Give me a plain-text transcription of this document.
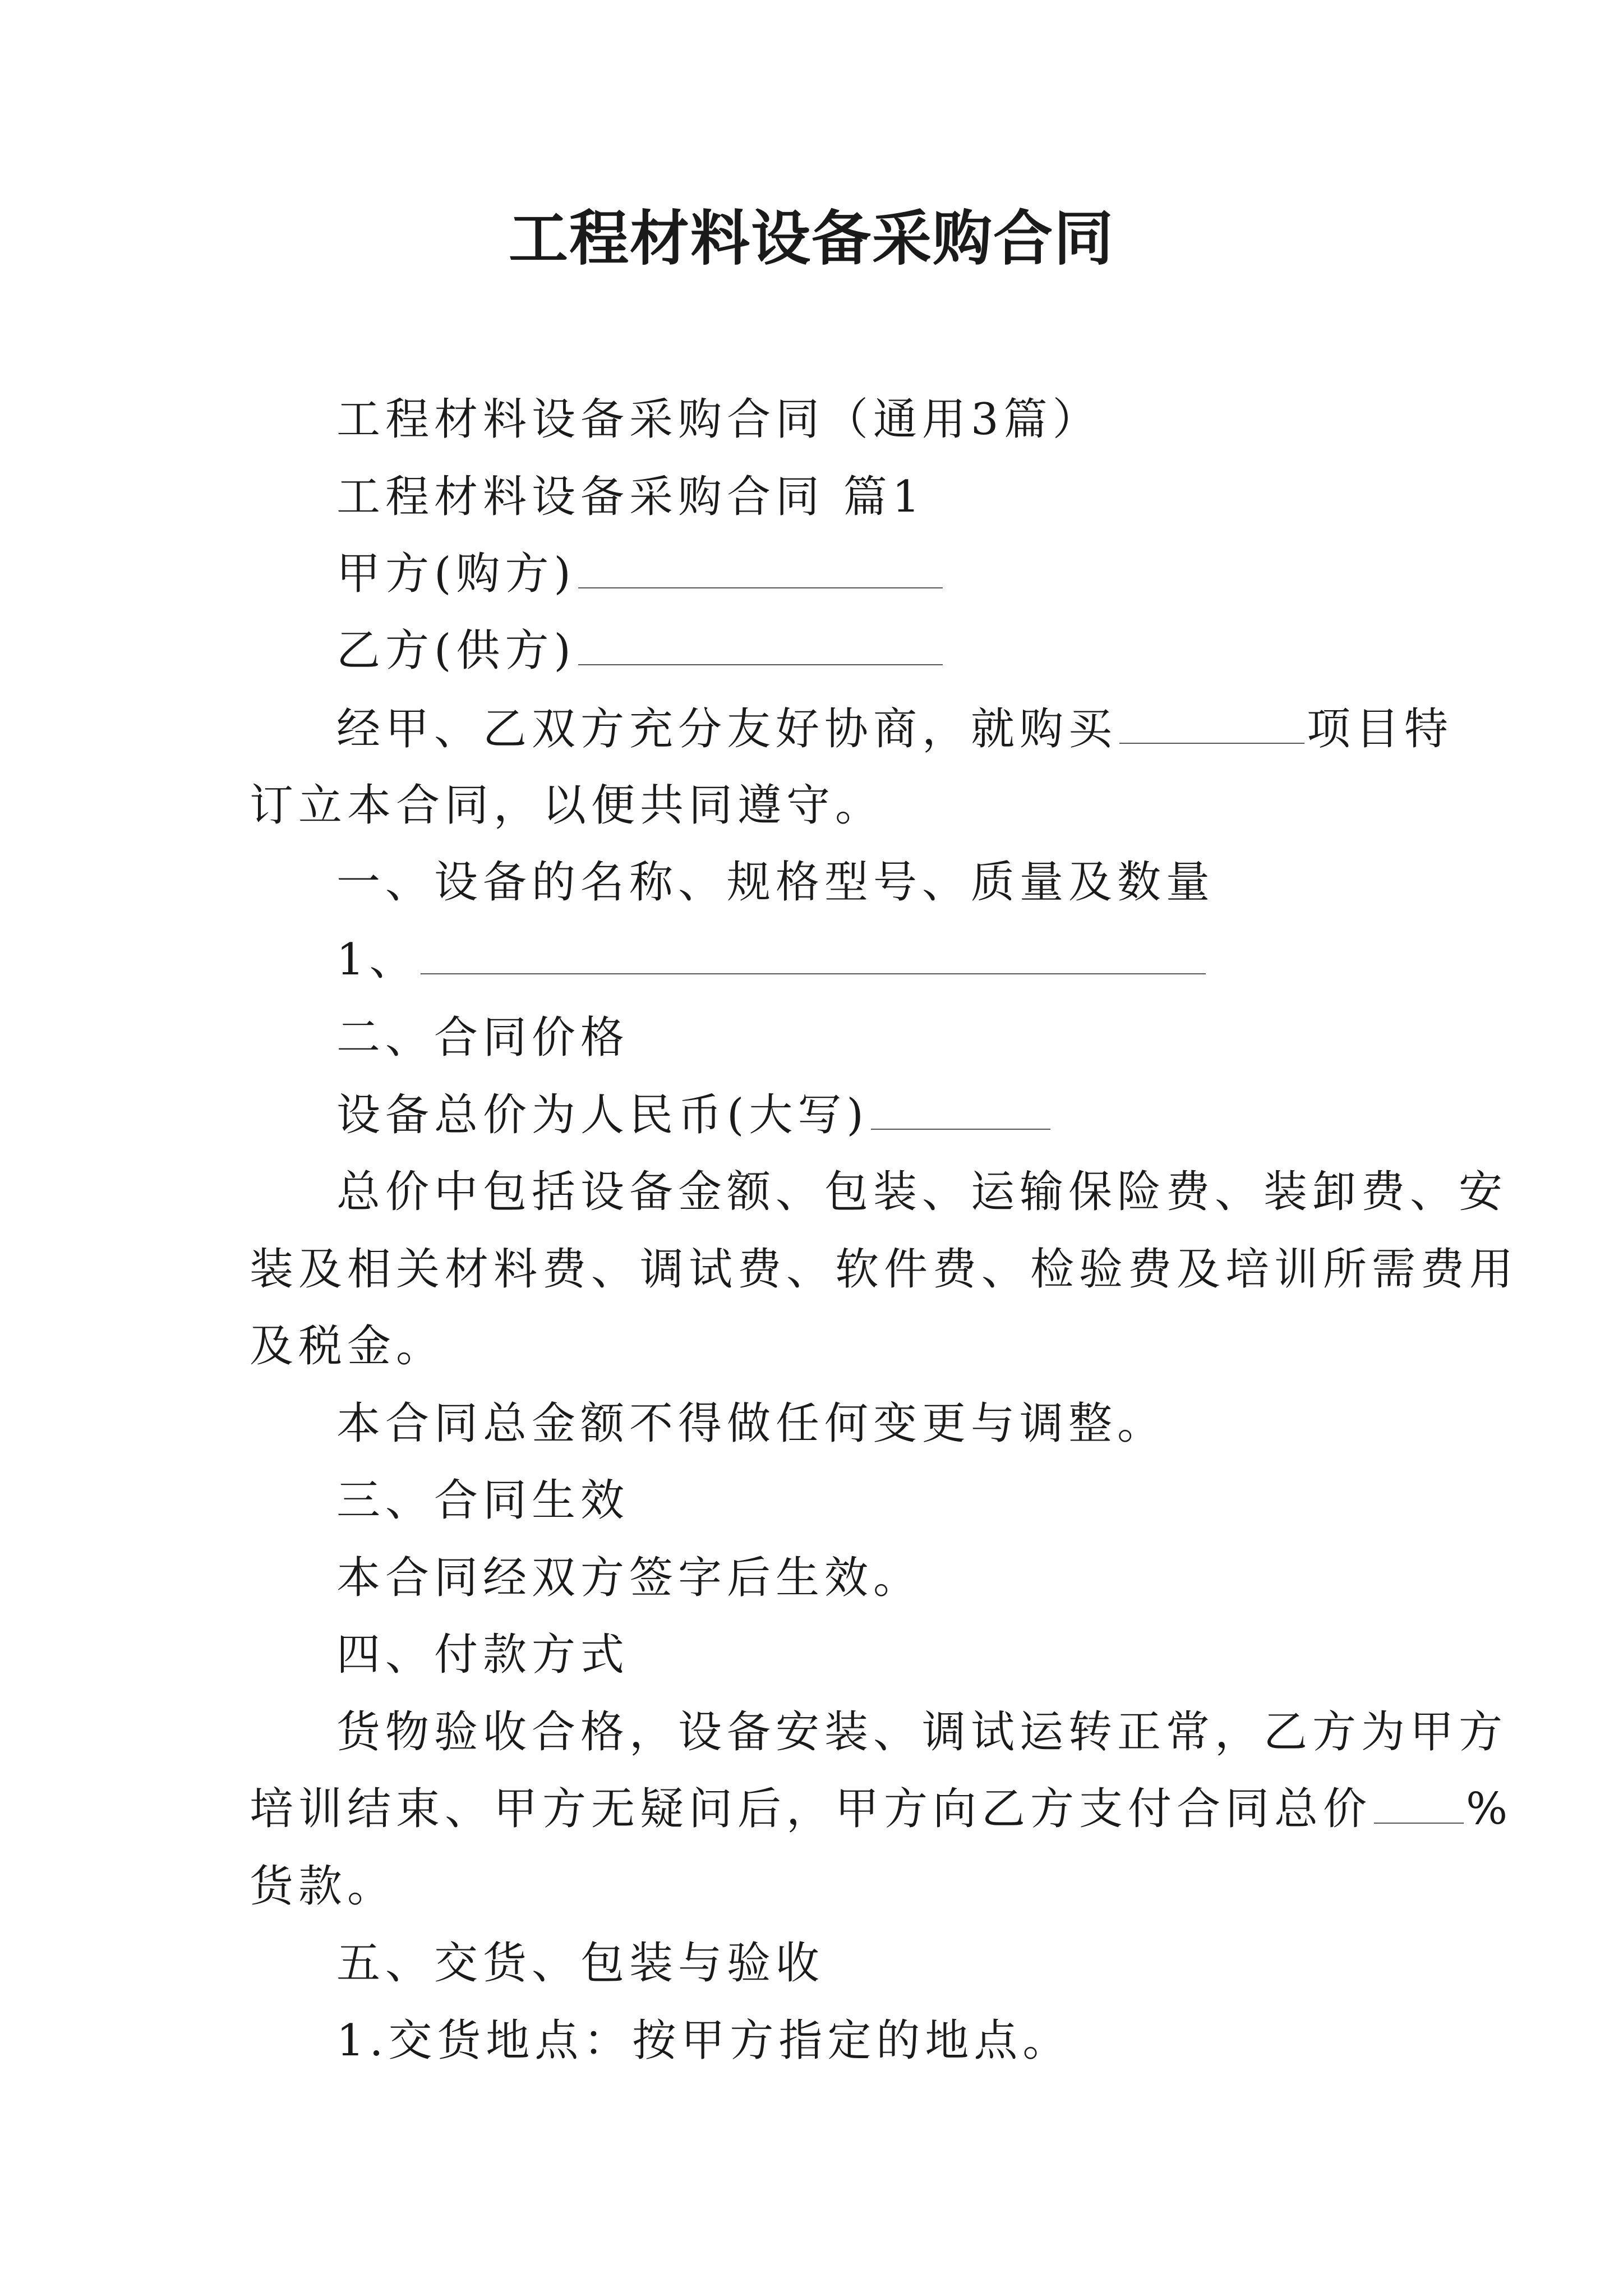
工程材料设备采购合同
工程材料设备采购合同（通用3篇）
工程材料设备采购合同 篇1
甲方(购方)
乙方(供方)
经甲、乙双方充分友好协商，就购买	项目特
订立本合同，以便共同遵守。
一、设备的名称、规格型号、质量及数量
1、
二、合同价格
设备总价为人民币(大写)
总价中包括设备金额、包装、运输保险费、装卸费、安
装及相关材料费、调试费、软件费、检验费及培训所需费用
及税金。
本合同总金额不得做任何变更与调整。
三、合同生效
本合同经双方签字后生效。
四、付款方式
货物验收合格，设备安装、调试运转正常，乙方为甲方
培训结束、甲方无疑问后，甲方向乙方支付合同总价 %
货款。
五、交货、包装与验收
1.交货地点：按甲方指定的地点。
